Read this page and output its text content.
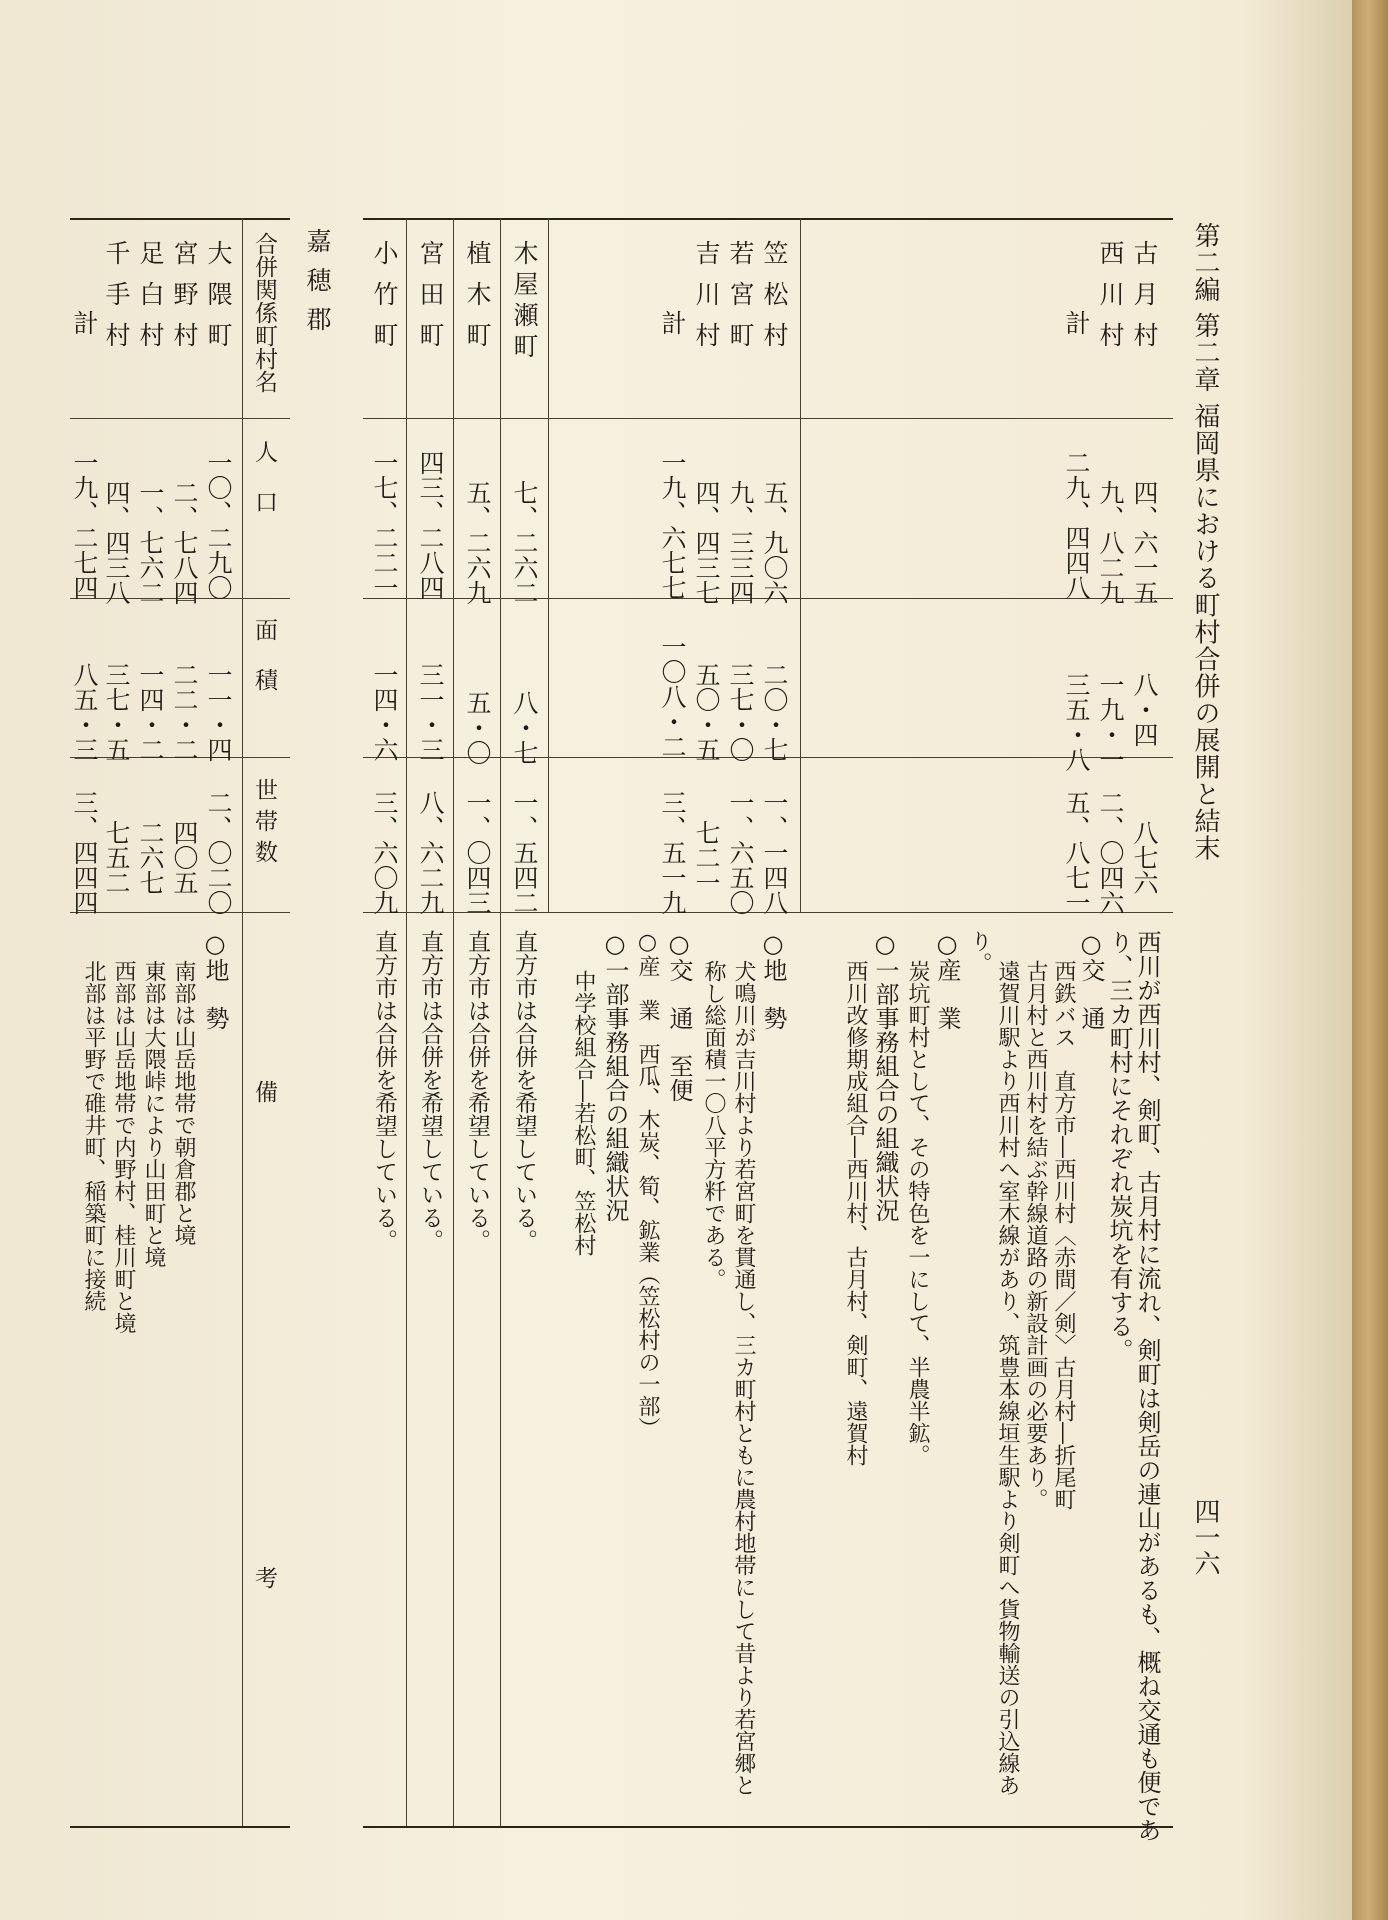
第二編 第二章 福岡県における町村合併の展開と結末
四一六
古月村
四、六一五
八・四
八七六
西川村
九、八二九
一九・一
二、〇四六
計
二九、四四八
三五・八
五、八七一
西川が西川村、剣町、古月村に流れ、剣町は剣岳の連山があるも、概ね交通も便であ
り、三カ町村にそれぞれ炭坑を有する。
○交　通
西鉄バス　直方市―西川村〈赤間／剣〉古月村―折尾町
古月村と西川村を結ぶ幹線道路の新設計画の必要あり。
遠賀川駅より西川村へ室木線があり、筑豊本線垣生駅より剣町へ貨物輸送の引込線あ
り。
○産　業
炭坑町村として、その特色を一にして、半農半鉱。
○一部事務組合の組織状況
西川改修期成組合―西川村、古月村、剣町、遠賀村
笠松村
五、九〇六
二〇・七
一、一四八
若宮町
九、三三四
三七・〇
一、六五〇
吉川村
四、四三七
五〇・五
七二一
計
一九、六七七
一〇八・二
三、五一九
○地　勢
犬鳴川が吉川村より若宮町を貫通し、三カ町村ともに農村地帯にして昔より若宮郷と
称し総面積一〇八平方粁である。
○交　通　至便
○産　業　西瓜、木炭、筍、鉱業（笠松村の一部）
○一部事務組合の組織状況
中学校組合―若松町、笠松村
木屋瀬町
七、二六二
八・七
一、五四二
直方市は合併を希望している。
植木町
五、二六九
五・〇
一、〇四三
直方市は合併を希望している。
宮田町
四三、二八四
三一・三
八、六二九
直方市は合併を希望している。
小竹町
一七、二二一
一四・六
三、六〇九
直方市は合併を希望している。
嘉穂郡
合併関係町村名
人　口
面　積
世帯数
備　考
大隈町
一〇、二九〇
一一・四
二、〇二〇
宮野村
二、七八四
二二・二
四〇五
足白村
一、七六二
一四・二
二六七
千手村
四、四三八
三七・五
七五二
計
一九、二七四
八五・三
三、四四四
○地　勢
南部は山岳地帯で朝倉郡と境
東部は大隈峠により山田町と境
西部は山岳地帯で内野村、桂川町と境
北部は平野で碓井町、稲築町に接続
